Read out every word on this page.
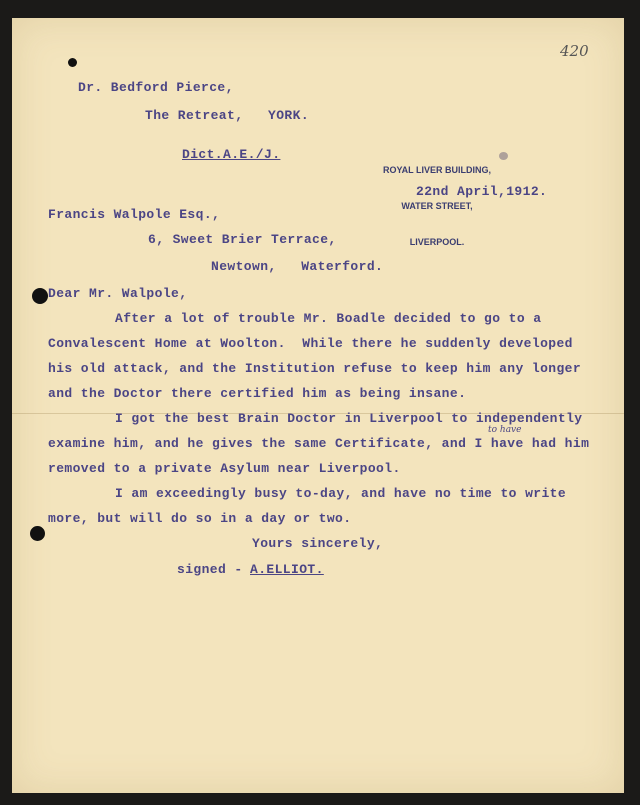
420
Dr. Bedford Pierce,
The Retreat,   YORK.
Dict.A.E./J.

ROYAL LIVER BUILDING,

WATER STREET,

LIVERPOOL.

22nd April,1912.
Francis Walpole Esq.,
6, Sweet Brier Terrace,
Newtown,   Waterford.
Dear Mr. Walpole,
After a lot of trouble Mr. Boadle decided to go to a
Convalescent Home at Woolton.  While there he suddenly developed
his old attack, and the Institution refuse to keep him any longer
and the Doctor there certified him as being insane.
I got the best Brain Doctor in Liverpool to independently
to have
examine him, and he gives the same Certificate, and I have had him
removed to a private Asylum near Liverpool.
I am exceedingly busy to-day, and have no time to write
more, but will do so in a day or two.
Yours sincerely,
signed - A.ELLIOT.
